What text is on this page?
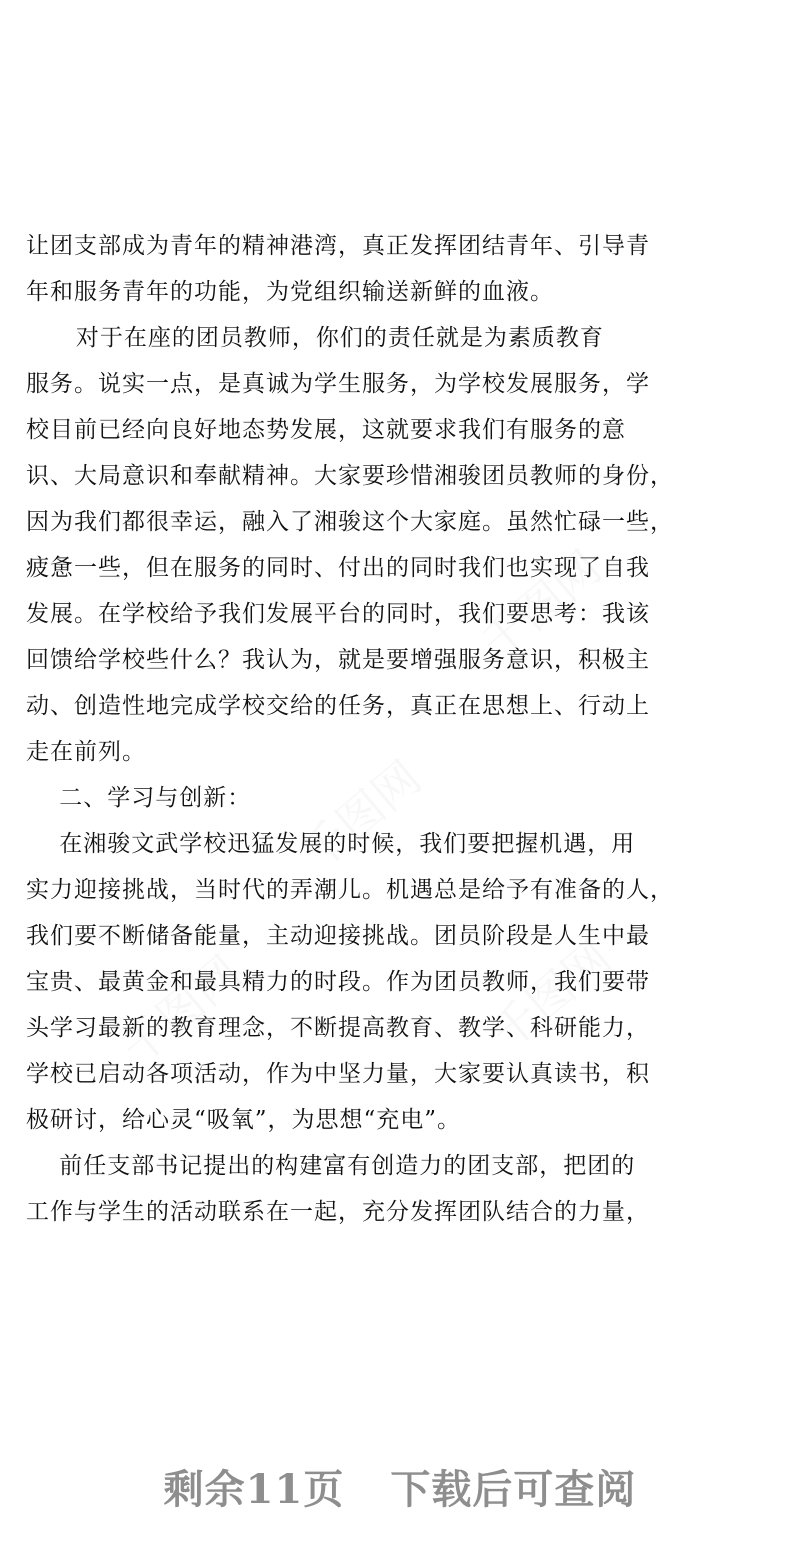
千图网
千图网
千图网
千图网
让团支部成为青年的精神港湾，真正发挥团结青年、引导青
年和服务青年的功能，为党组织输送新鲜的血液。
对于在座的团员教师，你们的责任就是为素质教育
服务。说实一点，是真诚为学生服务，为学校发展服务，学
校目前已经向良好地态势发展，这就要求我们有服务的意
识、大局意识和奉献精神。大家要珍惜湘骏团员教师的身份，
因为我们都很幸运，融入了湘骏这个大家庭。虽然忙碌一些，
疲惫一些，但在服务的同时、付出的同时我们也实现了自我
发展。在学校给予我们发展平台的同时，我们要思考：我该
回馈给学校些什么？我认为，就是要增强服务意识，积极主
动、创造性地完成学校交给的任务，真正在思想上、行动上
走在前列。
二、学习与创新：
在湘骏文武学校迅猛发展的时候，我们要把握机遇，用
实力迎接挑战，当时代的弄潮儿。机遇总是给予有准备的人，
我们要不断储备能量，主动迎接挑战。团员阶段是人生中最
宝贵、最黄金和最具精力的时段。作为团员教师，我们要带
头学习最新的教育理念，不断提高教育、教学、科研能力，
学校已启动各项活动，作为中坚力量，大家要认真读书，积
极研讨，给心灵“吸氧”，为思想“充电”。
前任支部书记提出的构建富有创造力的团支部，把团的
工作与学生的活动联系在一起，充分发挥团队结合的力量，
剩余11页 下载后可查阅
